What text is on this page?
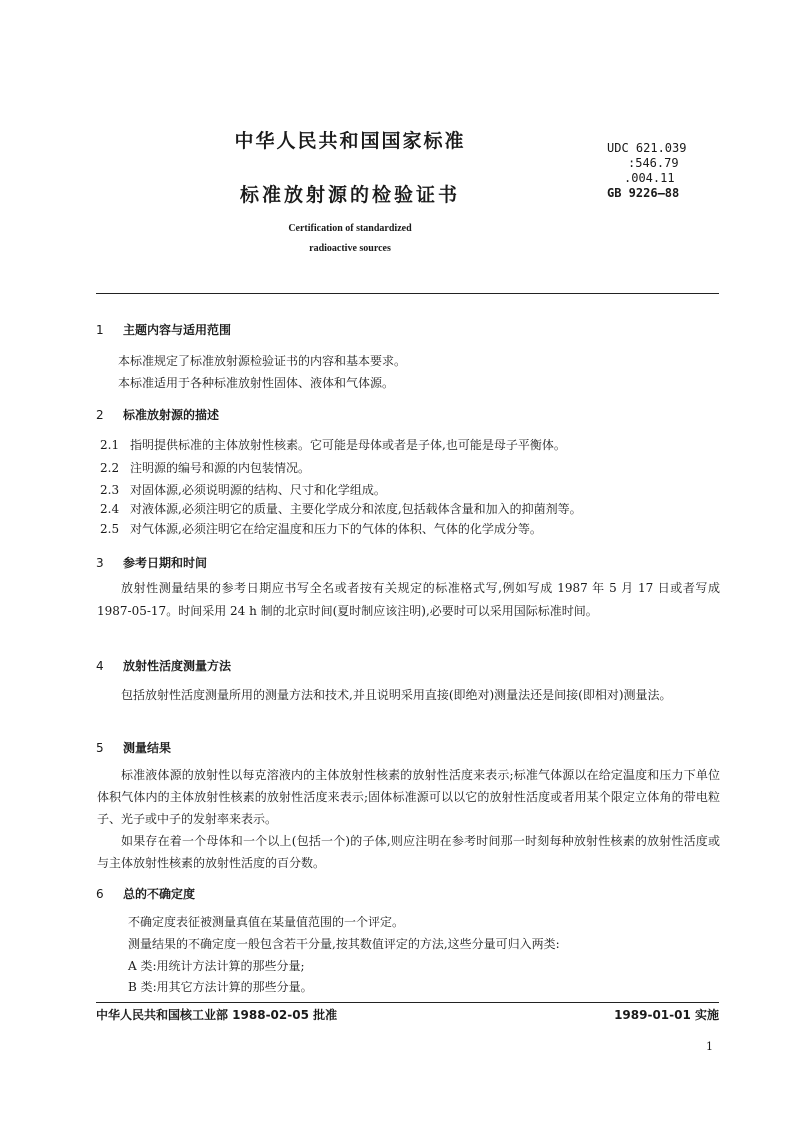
中华人民共和国国家标准
标准放射源的检验证书
UDC 621.039
:546.79
.004.11
GB 9226—88
Certification of standardized
radioactive sources
1 主题内容与适用范围
本标准规定了标准放射源检验证书的内容和基本要求。
本标准适用于各种标准放射性固体、液体和气体源。
2 标准放射源的描述
2.1 指明提供标准的主体放射性核素。它可能是母体或者是子体,也可能是母子平衡体。
2.2 注明源的编号和源的内包装情况。
2.3 对固体源,必须说明源的结构、尺寸和化学组成。
2.4 对液体源,必须注明它的质量、主要化学成分和浓度,包括载体含量和加入的抑菌剂等。
2.5 对气体源,必须注明它在给定温度和压力下的气体的体积、气体的化学成分等。
3 参考日期和时间
放射性测量结果的参考日期应书写全名或者按有关规定的标准格式写,例如写成 1987 年 5 月 17 日或者写成 1987-05-17。时间采用 24 h 制的北京时间(夏时制应该注明),必要时可以采用国际标准时间。
4 放射性活度测量方法
包括放射性活度测量所用的测量方法和技术,并且说明采用直接(即绝对)测量法还是间接(即相对)测量法。
5 测量结果
标准液体源的放射性以每克溶液内的主体放射性核素的放射性活度来表示;标准气体源以在给定温度和压力下单位体积气体内的主体放射性核素的放射性活度来表示;固体标准源可以以它的放射性活度或者用某个限定立体角的带电粒子、光子或中子的发射率来表示。
如果存在着一个母体和一个以上(包括一个)的子体,则应注明在参考时间那一时刻每种放射性核素的放射性活度或与主体放射性核素的放射性活度的百分数。
6 总的不确定度
不确定度表征被测量真值在某量值范围的一个评定。
测量结果的不确定度一般包含若干分量,按其数值评定的方法,这些分量可归入两类:
A 类:用统计方法计算的那些分量;
B 类:用其它方法计算的那些分量。
中华人民共和国核工业部 1988-02-05 批准	1989-01-01 实施
1
